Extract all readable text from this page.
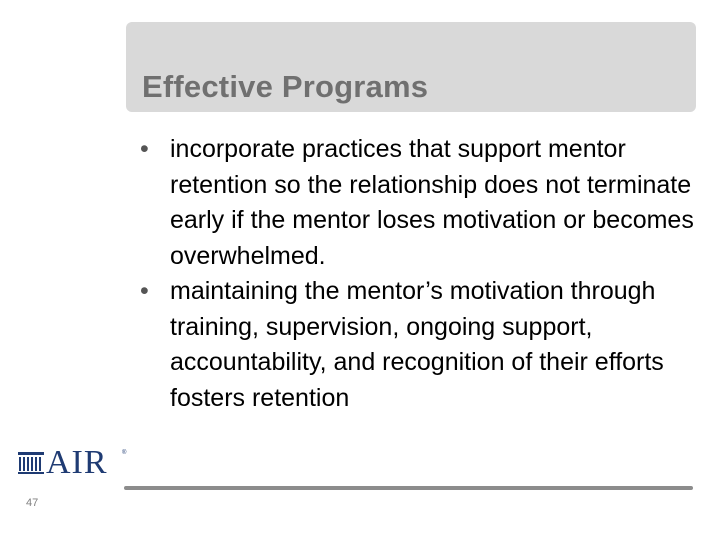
Effective Programs
• incorporate practices that support mentor retention so the relationship does not terminate early if the mentor loses motivation or becomes overwhelmed.
• maintaining the mentor’s motivation through training, supervision, ongoing support, accountability, and recognition of their efforts fosters retention
AIR ®
47
